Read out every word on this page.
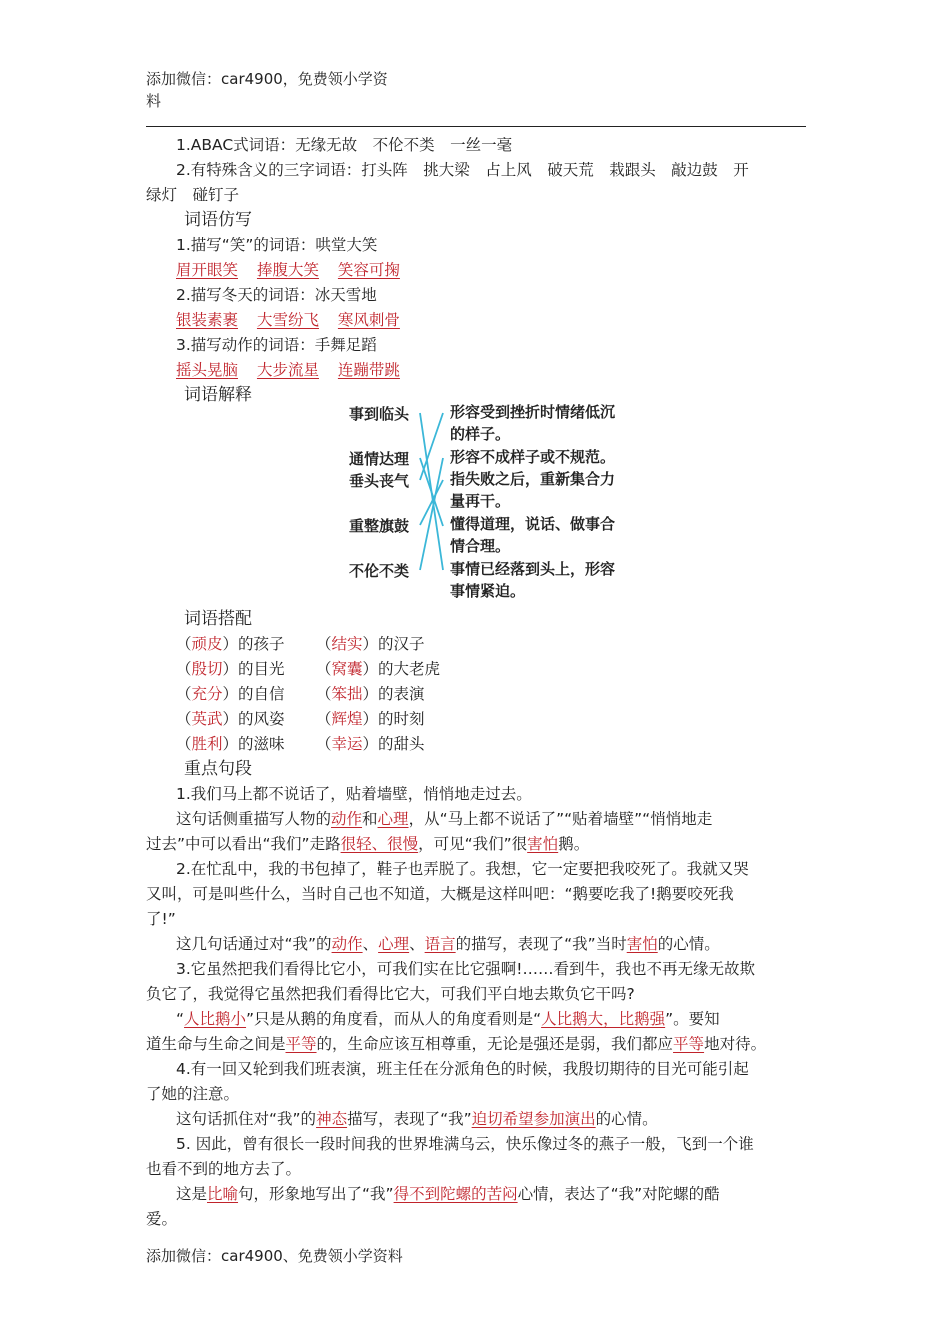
添加微信：car4900，免费领小学资
料
1.ABAC式词语：无缘无故　不伦不类　一丝一毫
2.有特殊含义的三字词语：打头阵　挑大梁　占上风　破天荒　栽跟头　敲边鼓　开
绿灯　碰钉子
词语仿写
1.描写“笑”的词语：哄堂大笑
眉开眼笑 捧腹大笑 笑容可掬
2.描写冬天的词语：冰天雪地
银装素裹 大雪纷飞 寒风刺骨
3.描写动作的词语：手舞足蹈
摇头晃脑 大步流星 连蹦带跳
词语解释
事到临头
通情达理
垂头丧气
重整旗鼓
不伦不类
形容受到挫折时情绪低沉
的样子。
形容不成样子或不规范。
指失败之后，重新集合力
量再干。
懂得道理，说话、做事合
情合理。
事情已经落到头上，形容
事情紧迫。
词语搭配
（顽皮）的孩子 （结实）的汉子
（殷切）的目光 （窝囊）的大老虎
（充分）的自信 （笨拙）的表演
（英武）的风姿 （辉煌）的时刻
（胜利）的滋味 （幸运）的甜头
重点句段
1.我们马上都不说话了，贴着墙壁，悄悄地走过去。
这句话侧重描写人物的动作和心理，从“马上都不说话了”“贴着墙壁”“悄悄地走
过去”中可以看出“我们”走路很轻、很慢，可见“我们”很害怕鹅。
2.在忙乱中，我的书包掉了，鞋子也弄脱了。我想，它一定要把我咬死了。我就又哭
又叫，可是叫些什么，当时自己也不知道，大概是这样叫吧：“鹅要吃我了!鹅要咬死我
了!”
这几句话通过对“我”的动作、心理、语言的描写，表现了“我”当时害怕的心情。
3.它虽然把我们看得比它小，可我们实在比它强啊!……看到牛，我也不再无缘无故欺
负它了，我觉得它虽然把我们看得比它大，可我们平白地去欺负它干吗?
“人比鹅小”只是从鹅的角度看，而从人的角度看则是“人比鹅大，比鹅强”。要知
道生命与生命之间是平等的，生命应该互相尊重，无论是强还是弱，我们都应平等地对待。
4.有一回又轮到我们班表演，班主任在分派角色的时候，我殷切期待的目光可能引起
了她的注意。
这句话抓住对“我”的神态描写，表现了“我”迫切希望参加演出的心情。
5. 因此，曾有很长一段时间我的世界堆满乌云，快乐像过冬的燕子一般，飞到一个谁
也看不到的地方去了。
这是比喻句，形象地写出了“我”得不到陀螺的苦闷心情，表达了“我”对陀螺的酷
爱。
添加微信：car4900、免费领小学资料
